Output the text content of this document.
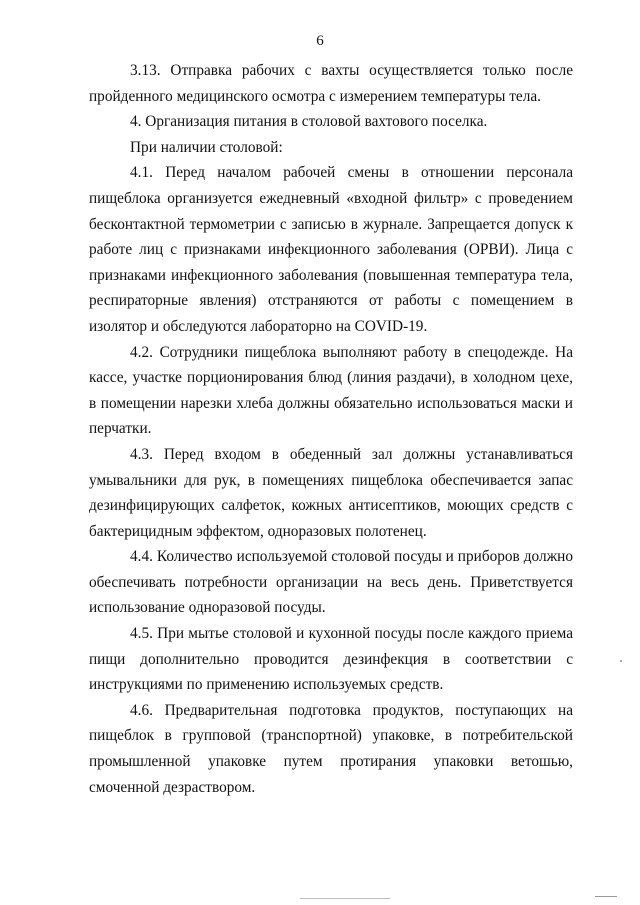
6

3.13. Отправка рабочих с вахты осуществляется только после пройденного медицинского осмотра с измерением температуры тела.

4. Организация питания в столовой вахтового поселка.

При наличии столовой:

4.1. Перед началом рабочей смены в отношении персонала пищеблока организуется ежедневный «входной фильтр» с проведением бесконтактной термометрии с записью в журнале. Запрещается допуск к работе лиц с признаками инфекционного заболевания (ОРВИ). Лица с признаками инфекционного заболевания (повышенная температура тела, респираторные явления) отстраняются от работы с помещением в изолятор и обследуются лабораторно на COVID-19.

4.2. Сотрудники пищеблока выполняют работу в спецодежде. На кассе, участке порционирования блюд (линия раздачи), в холодном цехе, в помещении нарезки хлеба должны обязательно использоваться маски и перчатки.

4.3. Перед входом в обеденный зал должны устанавливаться умывальники для рук, в помещениях пищеблока обеспечивается запас дезинфицирующих салфеток, кожных антисептиков, моющих средств с бактерицидным эффектом, одноразовых полотенец.

4.4. Количество используемой столовой посуды и приборов должно обеспечивать потребности организации на весь день. Приветствуется использование одноразовой посуды.

4.5. При мытье столовой и кухонной посуды после каждого приема пищи дополнительно проводится дезинфекция в соответствии с инструкциями по применению используемых средств.

4.6. Предварительная подготовка продуктов, поступающих на пищеблок в групповой (транспортной) упаковке, в потребительской промышленной упаковке путем протирания упаковки ветошью, смоченной дезраствором.
